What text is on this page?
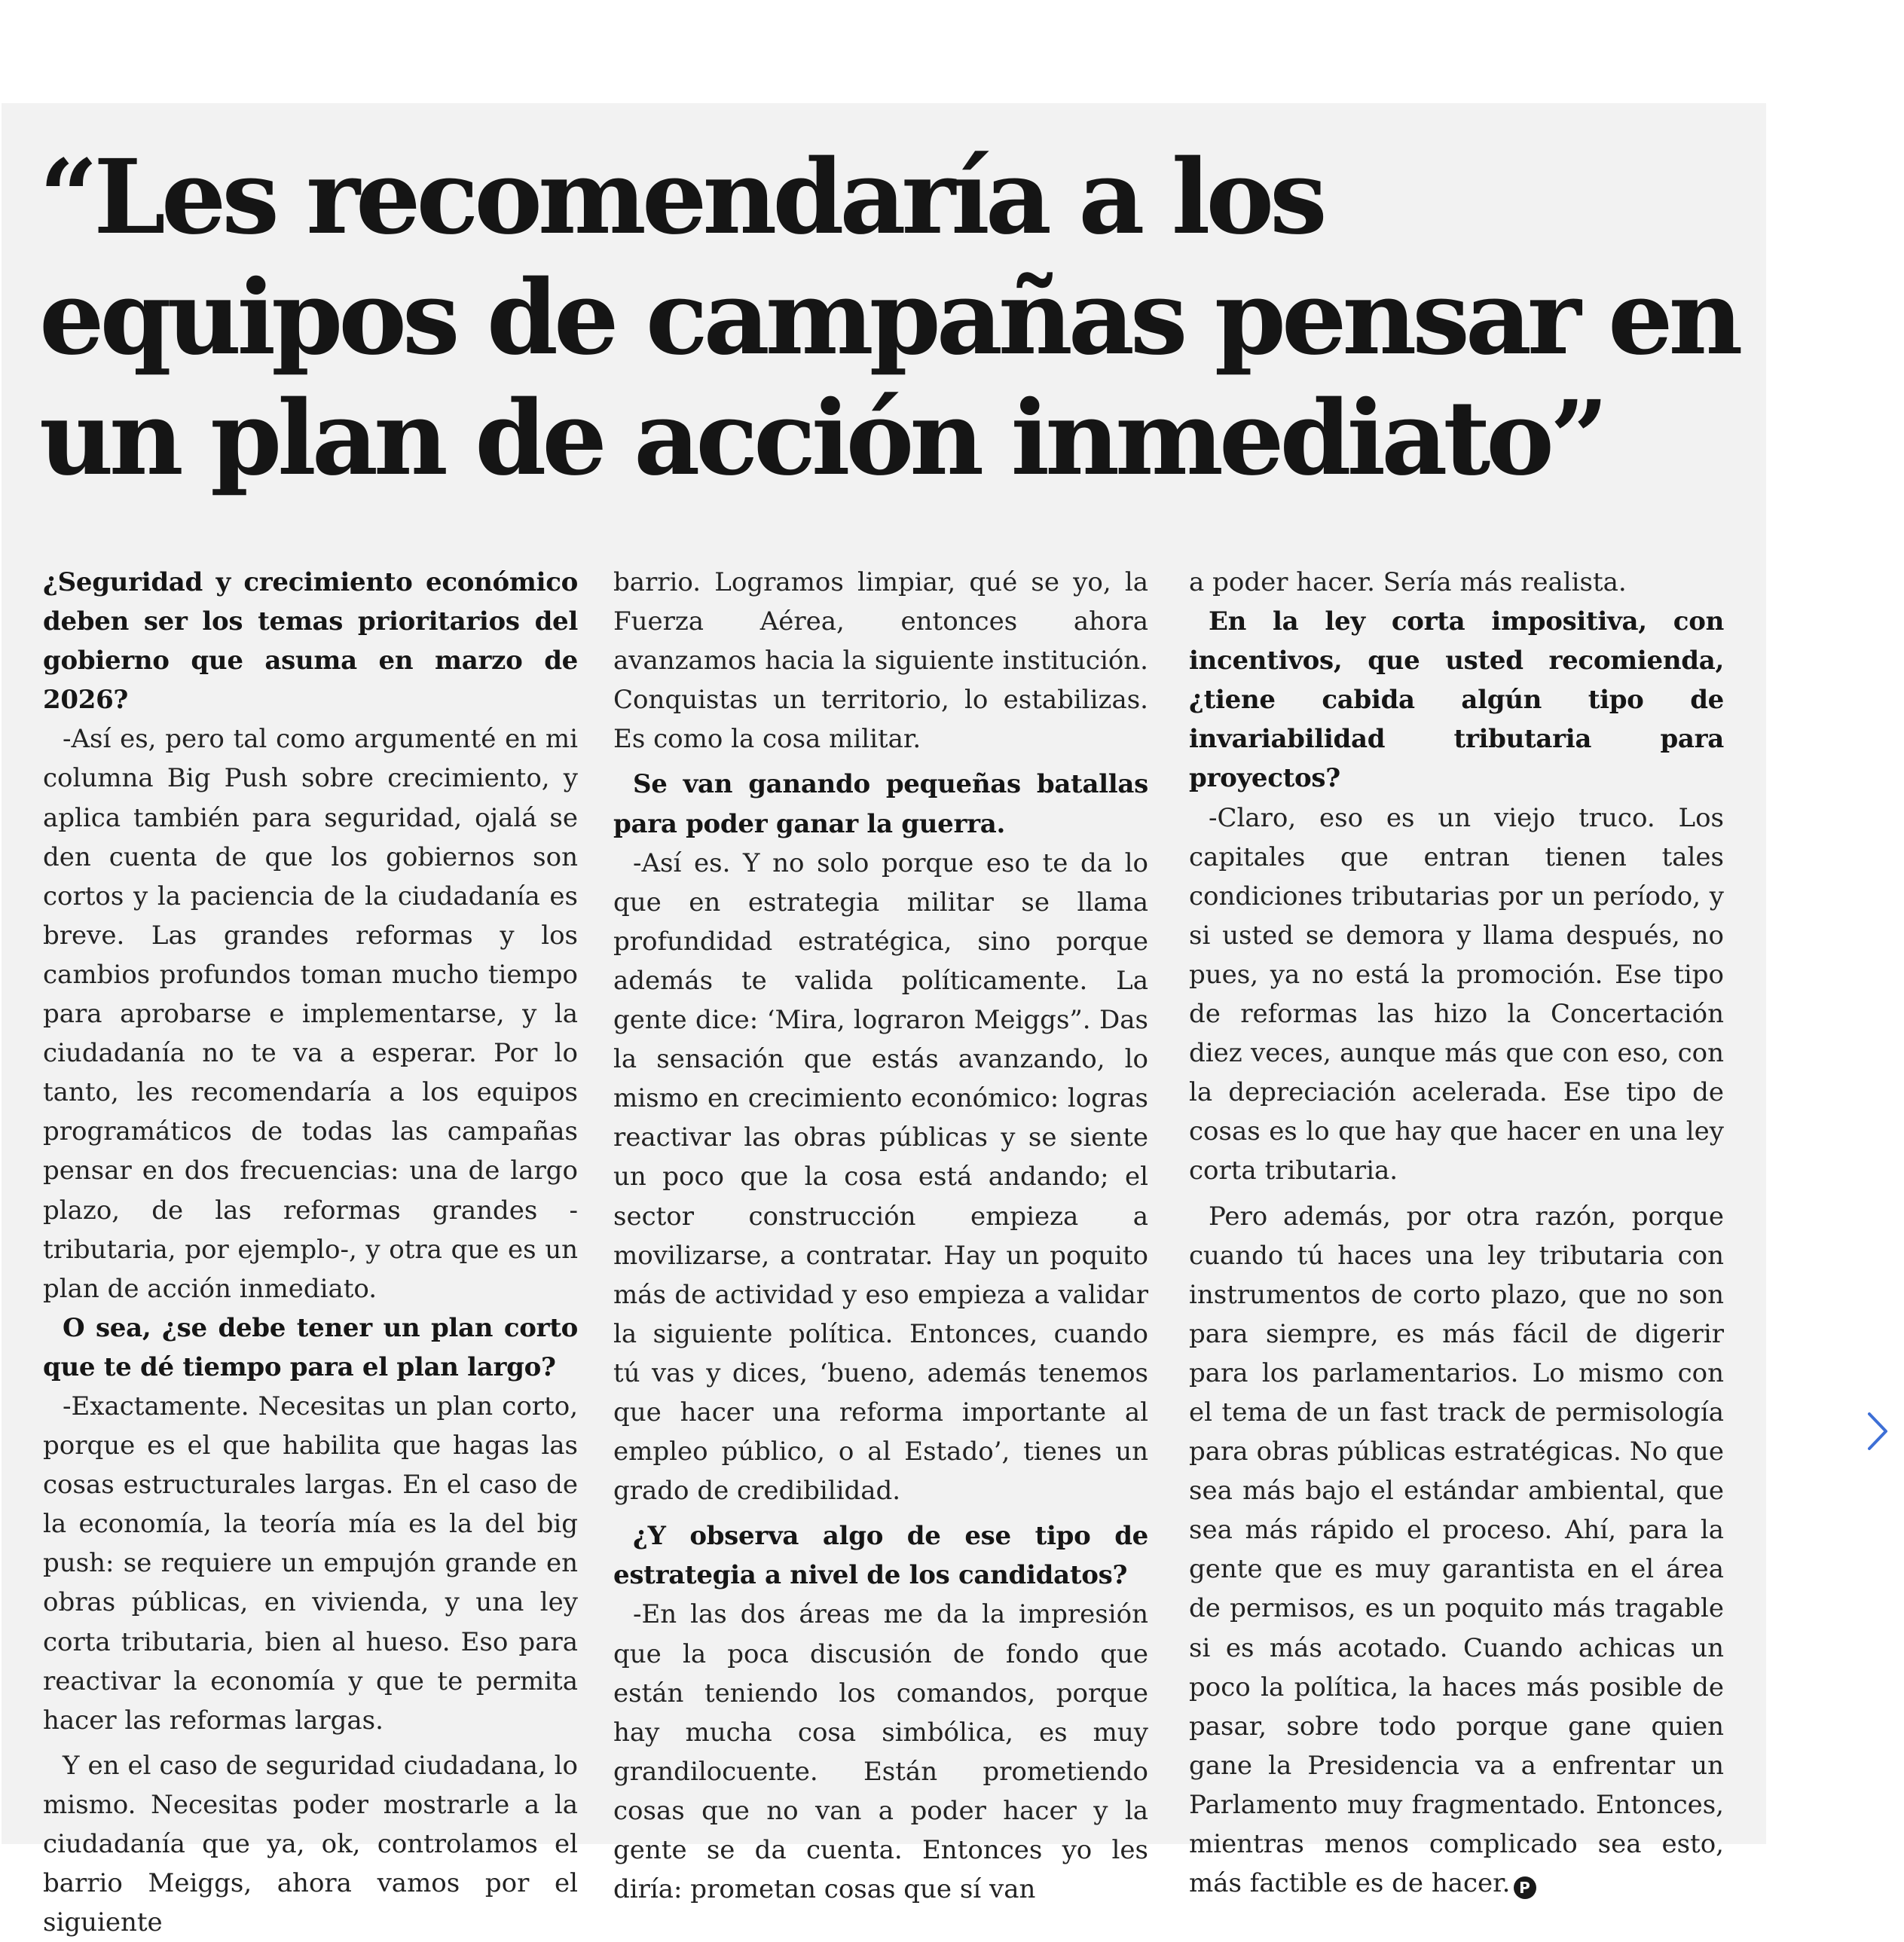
“Les recomendaría a los equipos de campañas pensar en un plan de acción inmediato”

¿Seguridad y crecimiento económico deben ser los temas prioritarios del gobierno que asuma en marzo de 2026?

-Así es, pero tal como argumenté en mi columna Big Push sobre crecimiento, y aplica también para seguridad, ojalá se den cuenta de que los gobiernos son cortos y la paciencia de la ciudadanía es breve. Las grandes reformas y los cambios profundos toman mucho tiempo para aprobarse e implementarse, y la ciudadanía no te va a esperar. Por lo tanto, les recomendaría a los equipos programáticos de todas las campañas pensar en dos frecuencias: una de largo plazo, de las reformas grandes -tributaria, por ejemplo-, y otra que es un plan de acción inmediato.

O sea, ¿se debe tener un plan corto que te dé tiempo para el plan largo?

-Exactamente. Necesitas un plan corto, porque es el que habilita que hagas las cosas estructurales largas. En el caso de la economía, la teoría mía es la del big push: se requiere un empujón grande en obras públicas, en vivienda, y una ley corta tributaria, bien al hueso. Eso para reactivar la economía y que te permita hacer las reformas largas.

Y en el caso de seguridad ciudadana, lo mismo. Necesitas poder mostrarle a la ciudadanía que ya, ok, controlamos el barrio Meiggs, ahora vamos por el siguiente

barrio. Logramos limpiar, qué se yo, la Fuerza Aérea, entonces ahora avanzamos hacia la siguiente institución. Conquistas un territorio, lo estabilizas. Es como la cosa militar.

Se van ganando pequeñas batallas para poder ganar la guerra.

-Así es. Y no solo porque eso te da lo que en estrategia militar se llama profundidad estratégica, sino porque además te valida políticamente. La gente dice: ‘Mira, lograron Meiggs”. Das la sensación que estás avanzando, lo mismo en crecimiento económico: logras reactivar las obras públicas y se siente un poco que la cosa está andando; el sector construcción empieza a movilizarse, a contratar. Hay un poquito más de actividad y eso empieza a validar la siguiente política. Entonces, cuando tú vas y dices, ‘bueno, además tenemos que hacer una reforma importante al empleo público, o al Estado’, tienes un grado de credibilidad.

¿Y observa algo de ese tipo de estrategia a nivel de los candidatos?

-En las dos áreas me da la impresión que la poca discusión de fondo que están teniendo los comandos, porque hay mucha cosa simbólica, es muy grandilocuente. Están prometiendo cosas que no van a poder hacer y la gente se da cuenta. Entonces yo les diría: prometan cosas que sí van

a poder hacer. Sería más realista.

En la ley corta impositiva, con incentivos, que usted recomienda, ¿tiene cabida algún tipo de invariabilidad tributaria para proyectos?

-Claro, eso es un viejo truco. Los capitales que entran tienen tales condiciones tributarias por un período, y si usted se demora y llama después, no pues, ya no está la promoción. Ese tipo de reformas las hizo la Concertación diez veces, aunque más que con eso, con la depreciación acelerada. Ese tipo de cosas es lo que hay que hacer en una ley corta tributaria.

Pero además, por otra razón, porque cuando tú haces una ley tributaria con instrumentos de corto plazo, que no son para siempre, es más fácil de digerir para los parlamentarios. Lo mismo con el tema de un fast track de permisología para obras públicas estratégicas. No que sea más bajo el estándar ambiental, que sea más rápido el proceso. Ahí, para la gente que es muy garantista en el área de permisos, es un poquito más tragable si es más acotado. Cuando achicas un poco la política, la haces más posible de pasar, sobre todo porque gane quien gane la Presidencia va a enfrentar un Parlamento muy fragmentado. Entonces, mientras menos complicado sea esto, más factible es de hacer. P
